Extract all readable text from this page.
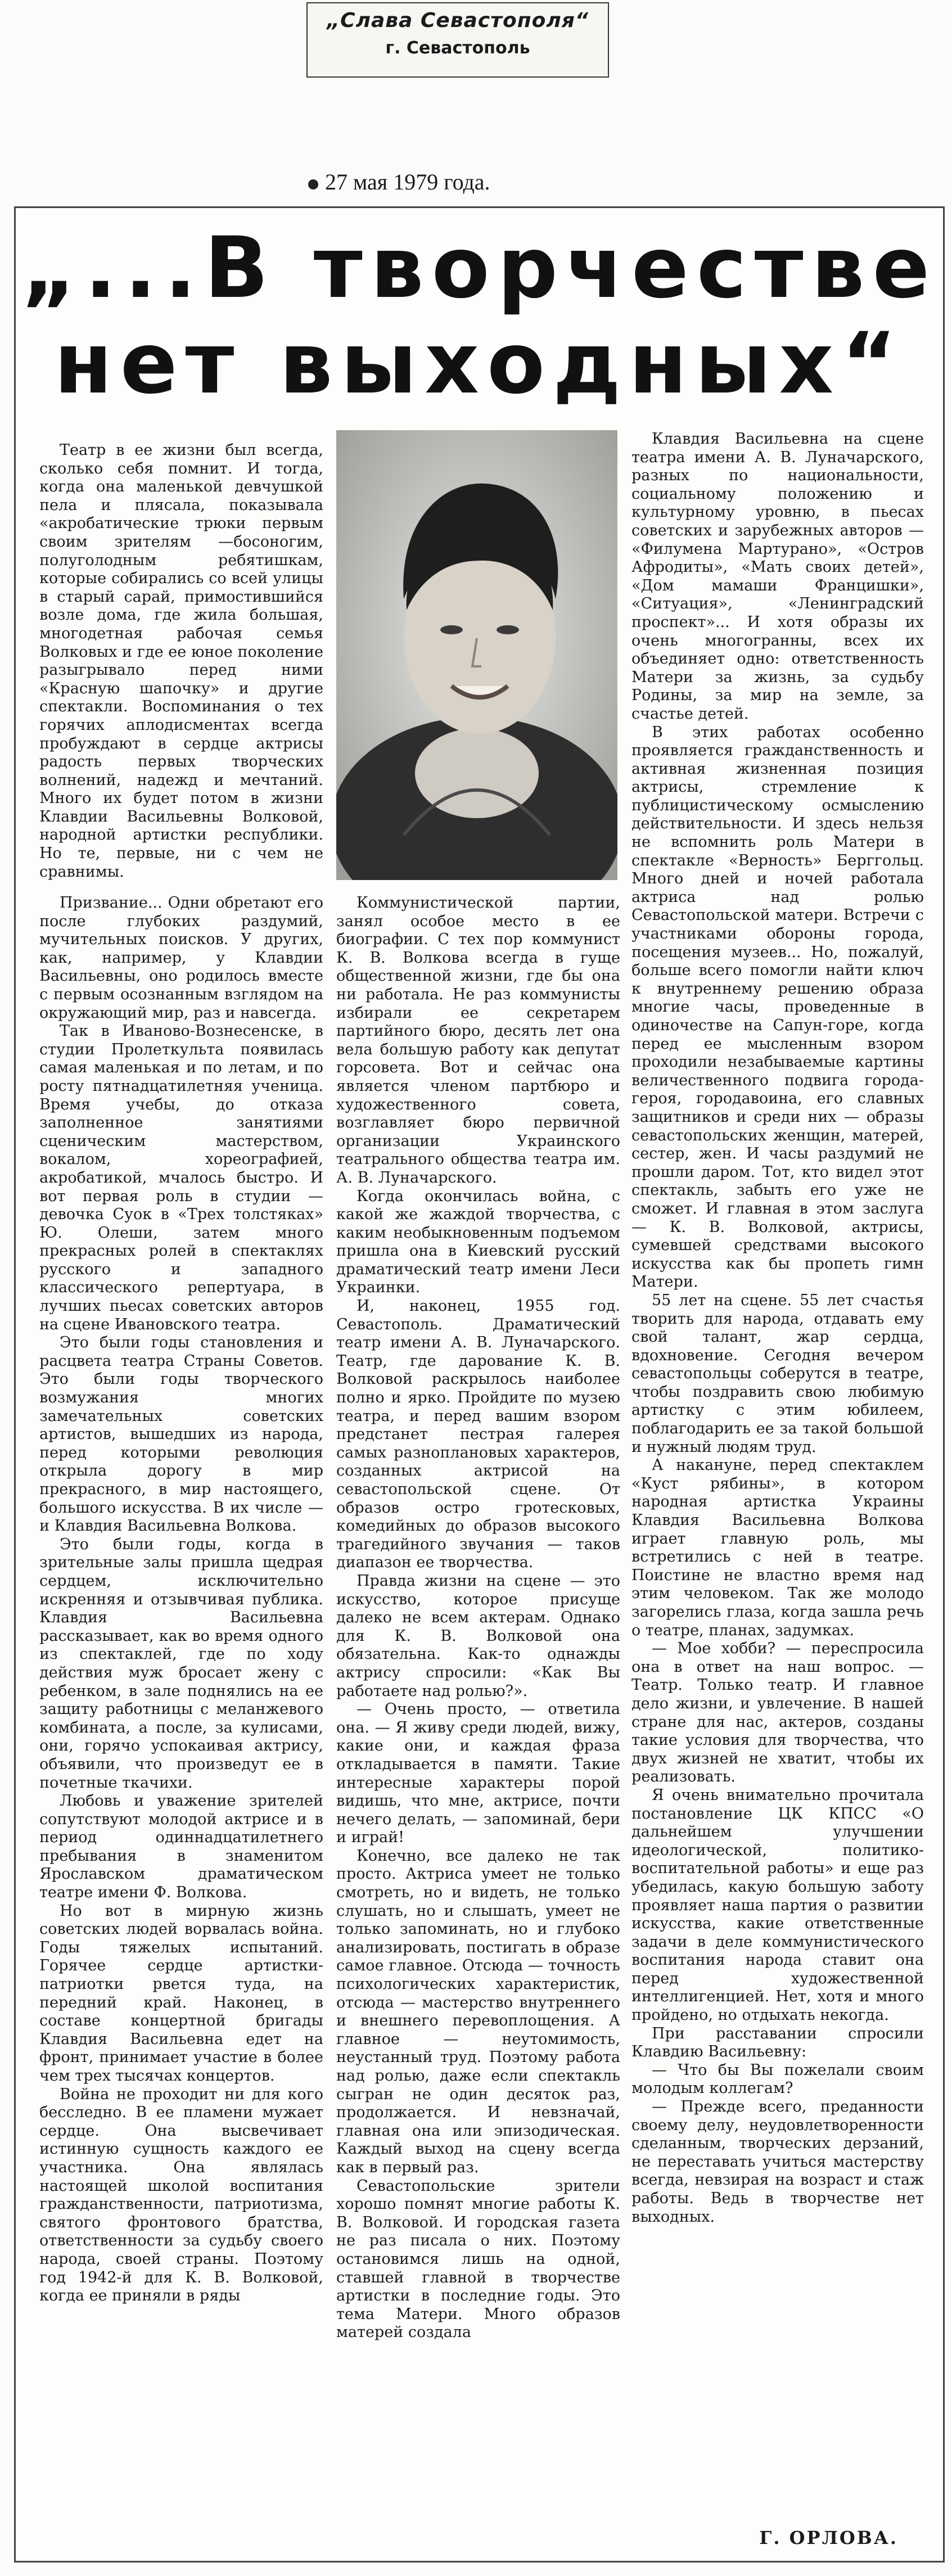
„Слава Севастополя“
г. Севастополь
27 мая 1979 года.
„...В творчестве
нет выходных“

Театр в ее жизни был всегда, сколько себя помнит. И тогда, когда она маленькой девчушкой пела и плясала, показывала «акробатические трюки первым своим зрителям —босоногим, полуголодным ребятишкам, которые собирались со всей улицы в старый сарай, примостившийся возле дома, где жила большая, многодетная рабочая семья Волковых и где ее юное поколение разыгрывало перед ними «Красную шапочку» и другие спектакли. Воспоминания о тех горячих аплодисментах всегда пробуждают в сердце актрисы радость первых творческих волнений, надежд и мечтаний. Много их будет потом в жизни Клавдии Васильевны Волковой, народной артистки республики. Но те, первые, ни с чем не сравнимы.

Клавдия Васильевна на сцене театра имени А. В. Луначарского, разных по национальности, социальному положению и культурному уровню, в пьесах советских и зарубежных авторов — «Филумена Мартурано», «Остров Афродиты», «Мать своих детей», «Дом мамаши Францишки», «Ситуация», «Ленинградский проспект»... И хотя образы их очень многогранны, всех их объединяет одно: ответственность Матери за жизнь, за судьбу Родины, за мир на земле, за счастье детей.

В этих работах особенно проявляется гражданственность и активная жизненная позиция актрисы, стремление к публицистическому осмыслению действительности. И здесь нельзя не вспомнить роль Матери в спектакле «Верность» Берггольц. Много дней и ночей работала актриса над ролью Севастопольской матери. Встречи с участниками обороны города, посещения музеев... Но, пожалуй, больше всего помогли найти ключ к внутреннему решению образа многие часы, проведенные в одиночестве на Сапун-горе, когда перед ее мысленным взором проходили незабываемые картины величественного подвига города-героя, городавоина, его славных защитников и среди них — образы севастопольских женщин, матерей, сестер, жен. И часы раздумий не прошли даром. Тот, кто видел этот спектакль, забыть его уже не сможет. И главная в этом заслуга — К. В. Волковой, актрисы, сумевшей средствами высокого искусства как бы пропеть гимн Матери.

55 лет на сцене. 55 лет счастья творить для народа, отдавать ему свой талант, жар сердца, вдохновение. Сегодня вечером севастопольцы соберутся в театре, чтобы поздравить свою любимую артистку с этим юбилеем, поблагодарить ее за такой большой и нужный людям труд.

А накануне, перед спектаклем «Куст рябины», в котором народная артистка Украины Клавдия Васильевна Волкова играет главную роль, мы встретились с ней в театре. Поистине не властно время над этим человеком. Так же молодо загорелись глаза, когда зашла речь о театре, планах, задумках.

— Мое хобби? — переспросила она в ответ на наш вопрос. — Театр. Только театр. И главное дело жизни, и увлечение. В нашей стране для нас, актеров, созданы такие условия для творчества, что двух жизней не хватит, чтобы их реализовать.

Я очень внимательно прочитала постановление ЦК КПСС «О дальнейшем улучшении идеологической, политико-воспитательной работы» и еще раз убедилась, какую большую заботу проявляет наша партия о развитии искусства, какие ответственные задачи в деле коммунистического воспитания народа ставит она перед художественной интеллигенцией. Нет, хотя и много пройдено, но отдыхать некогда.

При расставании спросили Клавдию Васильевну:

— Что бы Вы пожелали своим молодым коллегам?

— Прежде всего, преданности своему делу, неудовлетворенности сделанным, творческих дерзаний, не переставать учиться мастерству всегда, невзирая на возраст и стаж работы. Ведь в творчестве нет выходных.

Призвание... Одни обретают его после глубоких раздумий, мучительных поисков. У других, как, например, у Клавдии Васильевны, оно родилось вместе с первым осознанным взглядом на окружающий мир, раз и навсегда.

Так в Иваново-Вознесенске, в студии Пролеткульта появилась самая маленькая и по летам, и по росту пятнадцатилетняя ученица. Время учебы, до отказа заполненное занятиями сценическим мастерством, вокалом, хореографией, акробатикой, мчалось быстро. И вот первая роль в студии — девочка Суок в «Трех толстяках» Ю. Олеши, затем много прекрасных ролей в спектаклях русского и западного классического репертуара, в лучших пьесах советских авторов на сцене Ивановского театра.

Это были годы становления и расцвета театра Страны Советов. Это были годы творческого возмужания многих замечательных советских артистов, вышедших из народа, перед которыми революция открыла дорогу в мир прекрасного, в мир настоящего, большого искусства. В их числе — и Клавдия Васильевна Волкова.

Это были годы, когда в зрительные залы пришла щедрая сердцем, исключительно искренняя и отзывчивая публика. Клавдия Васильевна рассказывает, как во время одного из спектаклей, где по ходу действия муж бросает жену с ребенком, в зале поднялись на ее защиту работницы с меланжевого комбината, а после, за кулисами, они, горячо успокаивая актрису, объявили, что произведут ее в почетные ткачихи.

Любовь и уважение зрителей сопутствуют молодой актрисе и в период одиннадцатилетнего пребывания в знаменитом Ярославском драматическом театре имени Ф. Волкова.

Но вот в мирную жизнь советских людей ворвалась война. Годы тяжелых испытаний. Горячее сердце артистки-патриотки рвется туда, на передний край. Наконец, в составе концертной бригады Клавдия Васильевна едет на фронт, принимает участие в более чем трех тысячах концертов.

Война не проходит ни для кого бесследно. В ее пламени мужает сердце. Она высвечивает истинную сущность каждого ее участника. Она являлась настоящей школой воспитания гражданственности, патриотизма, святого фронтового братства, ответственности за судьбу своего народа, своей страны. Поэтому год 1942-й для К. В. Волковой, когда ее приняли в ряды

Коммунистической партии, занял особое место в ее биографии. С тех пор коммунист К. В. Волкова всегда в гуще общественной жизни, где бы она ни работала. Не раз коммунисты избирали ее секретарем партийного бюро, десять лет она вела большую работу как депутат горсовета. Вот и сейчас она является членом партбюро и художественного совета, возглавляет бюро первичной организации Украинского театрального общества театра им. А. В. Луначарского.

Когда окончилась война, с какой же жаждой творчества, с каким необыкновенным подъемом пришла она в Киевский русский драматический театр имени Леси Украинки.

И, наконец, 1955 год. Севастополь. Драматический театр имени А. В. Луначарского. Театр, где дарование К. В. Волковой раскрылось наиболее полно и ярко. Пройдите по музею театра, и перед вашим взором предстанет пестрая галерея самых разноплановых характеров, созданных актрисой на севастопольской сцене. От образов остро гротесковых, комедийных до образов высокого трагедийного звучания — таков диапазон ее творчества.

Правда жизни на сцене — это искусство, которое присуще далеко не всем актерам. Однако для К. В. Волковой она обязательна. Как-то однажды актрису спросили: «Как Вы работаете над ролью?».

— Очень просто, — ответила она. — Я живу среди людей, вижу, какие они, и каждая фраза откладывается в памяти. Такие интересные характеры порой видишь, что мне, актрисе, почти нечего делать, — запоминай, бери и играй!

Конечно, все далеко не так просто. Актриса умеет не только смотреть, но и видеть, не только слушать, но и слышать, умеет не только запоминать, но и глубоко анализировать, постигать в образе самое главное. Отсюда — точность психологических характеристик, отсюда — мастерство внутреннего и внешнего перевоплощения. А главное — неутомимость, неустанный труд. Поэтому работа над ролью, даже если спектакль сыгран не один десяток раз, продолжается. И невзначай, главная она или эпизодическая. Каждый выход на сцену всегда как в первый раз.

Севастопольские зрители хорошо помнят многие работы К. В. Волковой. И городская газета не раз писала о них. Поэтому остановимся лишь на одной, ставшей главной в творчестве артистки в последние годы. Это тема Матери. Много образов матерей создала

Г. ОРЛОВА.
